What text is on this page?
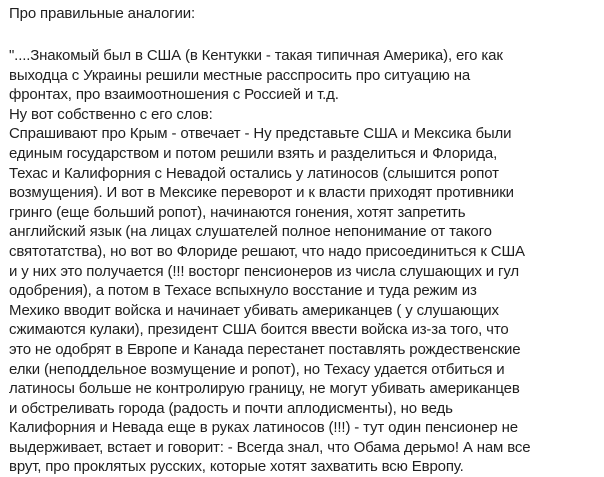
Про правильные аналогии:
"....Знакомый был в США (в Кентукки - такая типичная Америка), его как
выходца с Украины решили местные расспросить про ситуацию на
фронтах, про взаимоотношения с Россией и т.д.
Ну вот собственно с его слов:
Спрашивают про Крым - отвечает - Ну представьте США и Мексика были
единым государством и потом решили взять и разделиться и Флорида,
Техас и Калифорния с Невадой остались у латиносов (слышится ропот
возмущения). И вот в Мексике переворот и к власти приходят противники
гринго (еще больший ропот), начинаются гонения, хотят запретить
английский язык (на лицах слушателей полное непонимание от такого
святотатства), но вот во Флориде решают, что надо присоединиться к США
и у них это получается (!!! восторг пенсионеров из числа слушающих и гул
одобрения), а потом в Техасе вспыхнуло восстание и туда режим из
Мехико вводит войска и начинает убивать американцев ( у слушающих
сжимаются кулаки), президент США боится ввести войска из-за того, что
это не одобрят в Европе и Канада перестанет поставлять рождественские
елки (неподдельное возмущение и ропот), но Техасу удается отбиться и
латиносы больше не контролирую границу, не могут убивать американцев
и обстреливать города (радость и почти аплодисменты), но ведь
Калифорния и Невада еще в руках латиносов (!!!) - тут один пенсионер не
выдерживает, встает и говорит: - Всегда знал, что Обама дерьмо! А нам все
врут, про проклятых русских, которые хотят захватить всю Европу.
